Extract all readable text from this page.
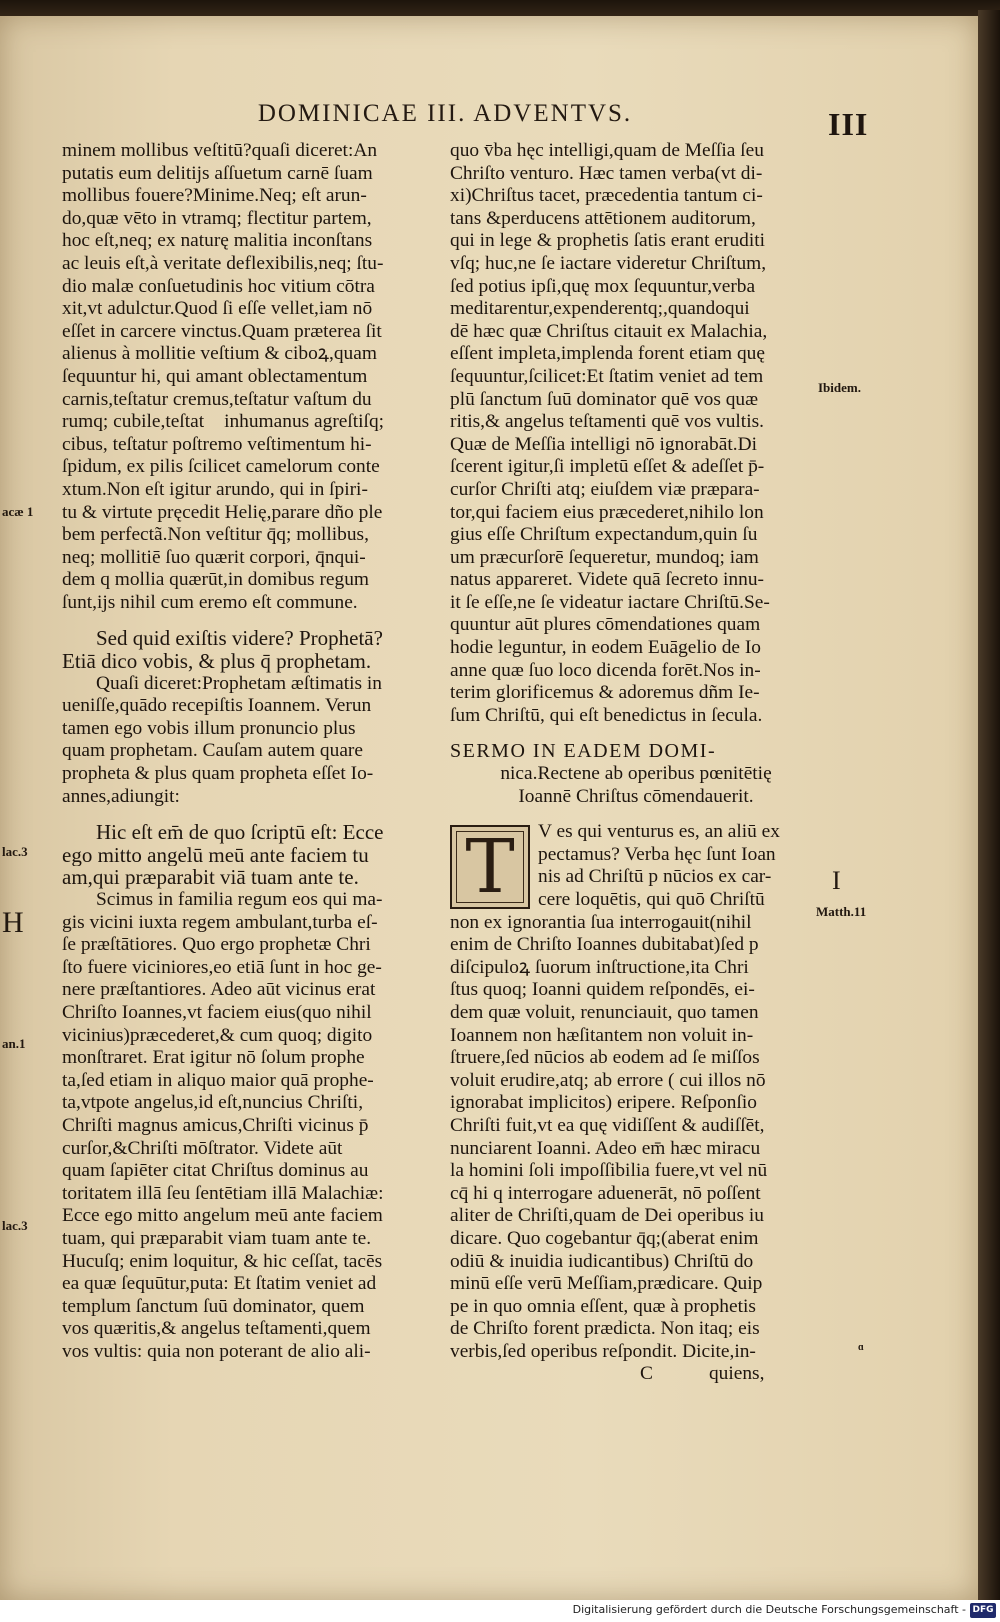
DOMINICAE III. ADVENTVS.	III
minem mollibus veſtitū?quaſi diceret:An
putatis eum delitijs aſſuetum carnē ſuam
mollibus fouere?Minime.Neq; eſt arun-
do,quæ vēto in vtramq; flectitur partem,
hoc eſt,neq; ex naturę malitia inconſtans
ac leuis eſt,à veritate deflexibilis,neq; ſtu-
dio malæ conſuetudinis hoc vitium cōtra
xit,vt adulctur.Quod ſi eſſe vellet,iam nō
eſſet in carcere vinctus.Quam præterea ſit
alienus à mollitie veſtium & ciboꝝ,quam
ſequuntur hi, qui amant oblectamentum
carnis,teſtatur cremus,teſtatur vaſtum du
rumq; cubile,teſtatᷓ inhumanus agreſtiſq;
cibus, teſtatur poſtremo veſtimentum hi-
ſpidum, ex pilis ſcilicet camelorum conte
xtum.Non eſt igitur arundo, qui in ſpiri-
tu & virtute pręcedit Helię,parare dño ple
bem perfectã.Non veſtitur q̄q; mollibus,
neq; mollitiē ſuo quærit corpori, q̄nqui-
dem q mollia quærūt,in domibus regum
ſunt,ijs nihil cum eremo eſt commune.
Sed quid exiſtis videre? Prophetā?
Etiā dico vobis, & plus q̄ prophetam.
Quaſi diceret:Prophetam æſtimatis in
ueniſſe,quādo recepiſtis Ioannem. Verun
tamen ego vobis illum pronuncio plus
quam prophetam. Cauſam autem quare
propheta & plus quam propheta eſſet Io-
annes,adiungit:
Hic eſt em̄ de quo ſcriptū eſt: Ecce
ego mitto angelū meū ante faciem tu
am,qui præparabit viā tuam ante te.
Scimus in familia regum eos qui ma-
gis vicini iuxta regem ambulant,turba eſ-
ſe præſtātiores. Quo ergo prophetæ Chri
ſto fuere viciniores,eo etiā ſunt in hoc ge-
nere præſtantiores. Adeo aūt vicinus erat
Chriſto Ioannes,vt faciem eius(quo nihil
vicinius)præcederet,& cum quoq; digito
monſtraret. Erat igitur nō ſolum prophe
ta,ſed etiam in aliquo maior quā prophe-
ta,vtpote angelus,id eſt,nuncius Chriſti,
Chriſti magnus amicus,Chriſti vicinus p̄
curſor,&Chriſti mōſtrator. Videte aūt
quam ſapiēter citat Chriſtus dominus au
toritatem illā ſeu ſentētiam illā Malachiæ:
Ecce ego mitto angelum meū ante faciem
tuam, qui præparabit viam tuam ante te.
Hucuſq; enim loquitur, & hic ceſſat, tacēs
ea quæ ſequūtur,puta: Et ſtatim veniet ad
templum ſanctum ſuū dominator, quem
vos quæritis,& angelus teſtamenti,quem
vos vultis: quia non poterant de alio ali-
quo v̄ba hęc intelligi,quam de Meſſia ſeu
Chriſto venturo. Hæc tamen verba(vt di-
xi)Chriſtus tacet, præcedentia tantum ci-
tans &perducens attētionem auditorum,
qui in lege & prophetis ſatis erant eruditi
vſq; huc,ne ſe iactare videretur Chriſtum,
ſed potius ipſi,quę mox ſequuntur,verba
meditarentur,expenderentq;,quandoqui
dē hæc quæ Chriſtus citauit ex Malachia,
eſſent impleta,implenda forent etiam quę
ſequuntur,ſcilicet:Et ſtatim veniet ad tem
plū ſanctum ſuū dominator quē vos quæ
ritis,& angelus teſtamenti quē vos vultis.
Quæ de Meſſia intelligi nō ignorabāt.Di
ſcerent igitur,ſi impletū eſſet & adeſſet p̄-
curſor Chriſti atq; eiuſdem viæ præpara-
tor,qui faciem eius præcederet,nihilo lon
gius eſſe Chriſtum expectandum,quin ſu
um præcurſorē ſequeretur, mundoq; iam
natus appareret. Videte quā ſecreto innu-
it ſe eſſe,ne ſe videatur iactare Chriſtū.Se-
quuntur aūt plures cōmendationes quam
hodie leguntur, in eodem Euāgelio de Io
anne quæ ſuo loco dicenda forēt.Nos in-
terim glorificemus & adoremus dñm Ie-
ſum Chriſtū, qui eſt benedictus in ſecula.
SERMO IN EADEM DOMI-
nica.Rectene ab operibus pœnitētię
Ioannē Chriſtus cōmendauerit.
T	V es qui venturus es, an aliū ex
pectamus? Verba hęc ſunt Ioan
nis ad Chriſtū p nūcios ex car-
cere loquētis, qui quō Chriſtū
non ex ignorantia ſua interrogauit(nihil
enim de Chriſto Ioannes dubitabat)ſed p
diſcipuloꝝ ſuorum inſtructione,ita Chri
ſtus quoq; Ioanni quidem reſpondēs, ei-
dem quæ voluit, renunciauit, quo tamen
Ioannem non hæſitantem non voluit in-
ſtruere,ſed nūcios ab eodem ad ſe miſſos
voluit erudire,atq; ab errore ( cui illos nō
ignorabat implicitos) eripere. Reſponſio
Chriſti fuit,vt ea quę vidiſſent & audiſſēt,
nunciarent Ioanni. Adeo em̄ hæc miracu
la homini ſoli impoſſibilia fuere,vt vel nū
cq̄ hi q interrogare aduenerāt, nō poſſent
aliter de Chriſti,quam de Dei operibus iu
dicare. Quo cogebantur q̄q;(aberat enim
odiū & inuidia iudicantibus) Chriſtū do
minū eſſe verū Meſſiam,prædicare. Quip
pe in quo omnia eſſent, quæ à prophetis
de Chriſto forent prædicta. Non itaq; eis
verbis,ſed operibus reſpondit. Dicite,in-
C	quiens,
acæ 1
lac.3
H
an.1
lac.3
Ibidem.
I
Matth.11
ɑ
Digitalisierung gefördert durch die Deutsche Forschungsgemeinschaft - DFG
